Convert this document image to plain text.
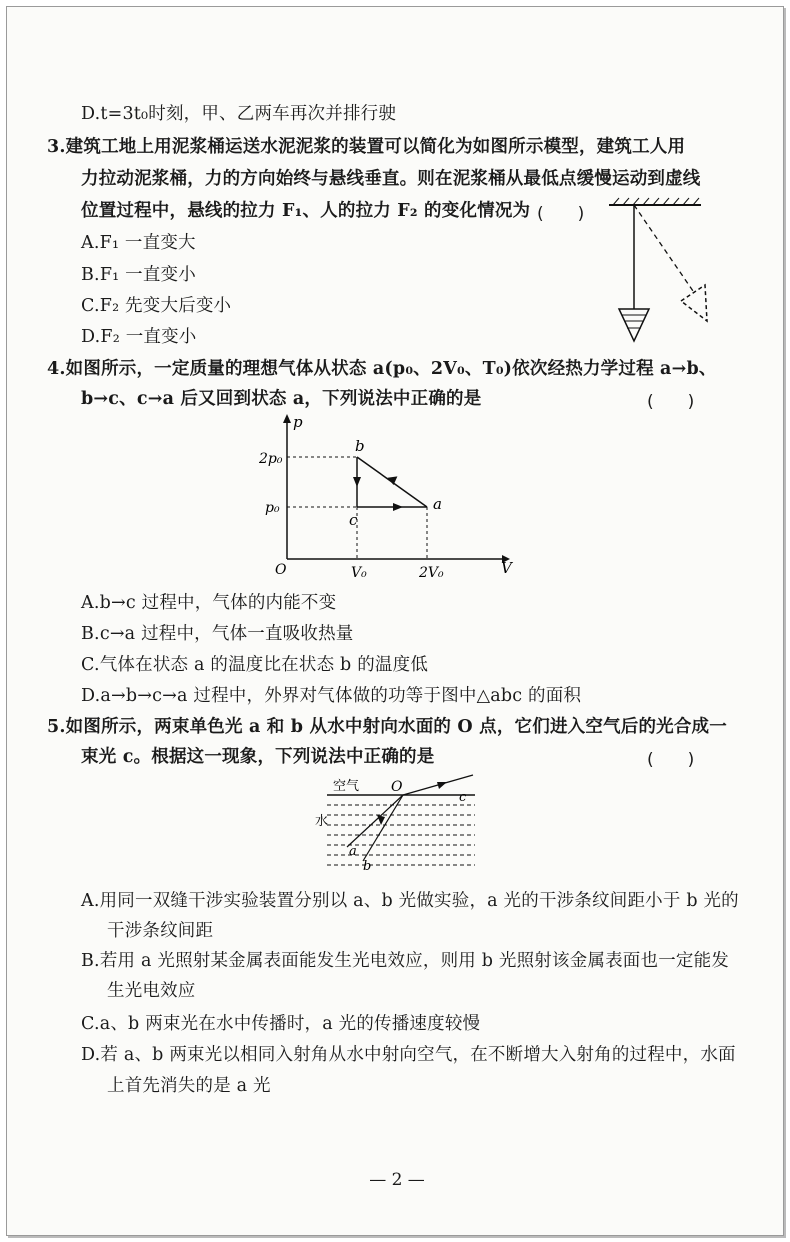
D.t=3t₀时刻，甲、乙两车再次并排行驶
3.建筑工地上用泥浆桶运送水泥泥浆的装置可以简化为如图所示模型，建筑工人用
力拉动泥浆桶，力的方向始终与悬线垂直。则在泥浆桶从最低点缓慢运动到虚线
位置过程中，悬线的拉力 F₁、人的拉力 F₂ 的变化情况为 (　　)
A.F₁ 一直变大
B.F₁ 一直变小
C.F₂ 先变大后变小
D.F₂ 一直变小
4.如图所示，一定质量的理想气体从状态 a(p₀、2V₀、T₀)依次经热力学过程 a→b、
b→c、c→a 后又回到状态 a，下列说法中正确的是	(　　)
p
V
O
2p₀
p₀
V₀	2V₀
b
c
a
A.b→c 过程中，气体的内能不变
B.c→a 过程中，气体一直吸收热量
C.气体在状态 a 的温度比在状态 b 的温度低
D.a→b→c→a 过程中，外界对气体做的功等于图中△abc 的面积
5.如图所示，两束单色光 a 和 b 从水中射向水面的 O 点，它们进入空气后的光合成一
束光 c。根据这一现象，下列说法中正确的是	(　　)
空气
水
O
c
a
b
A.用同一双缝干涉实验装置分别以 a、b 光做实验，a 光的干涉条纹间距小于 b 光的
干涉条纹间距
B.若用 a 光照射某金属表面能发生光电效应，则用 b 光照射该金属表面也一定能发
生光电效应
C.a、b 两束光在水中传播时，a 光的传播速度较慢
D.若 a、b 两束光以相同入射角从水中射向空气，在不断增大入射角的过程中，水面
上首先消失的是 a 光
— 2 —
